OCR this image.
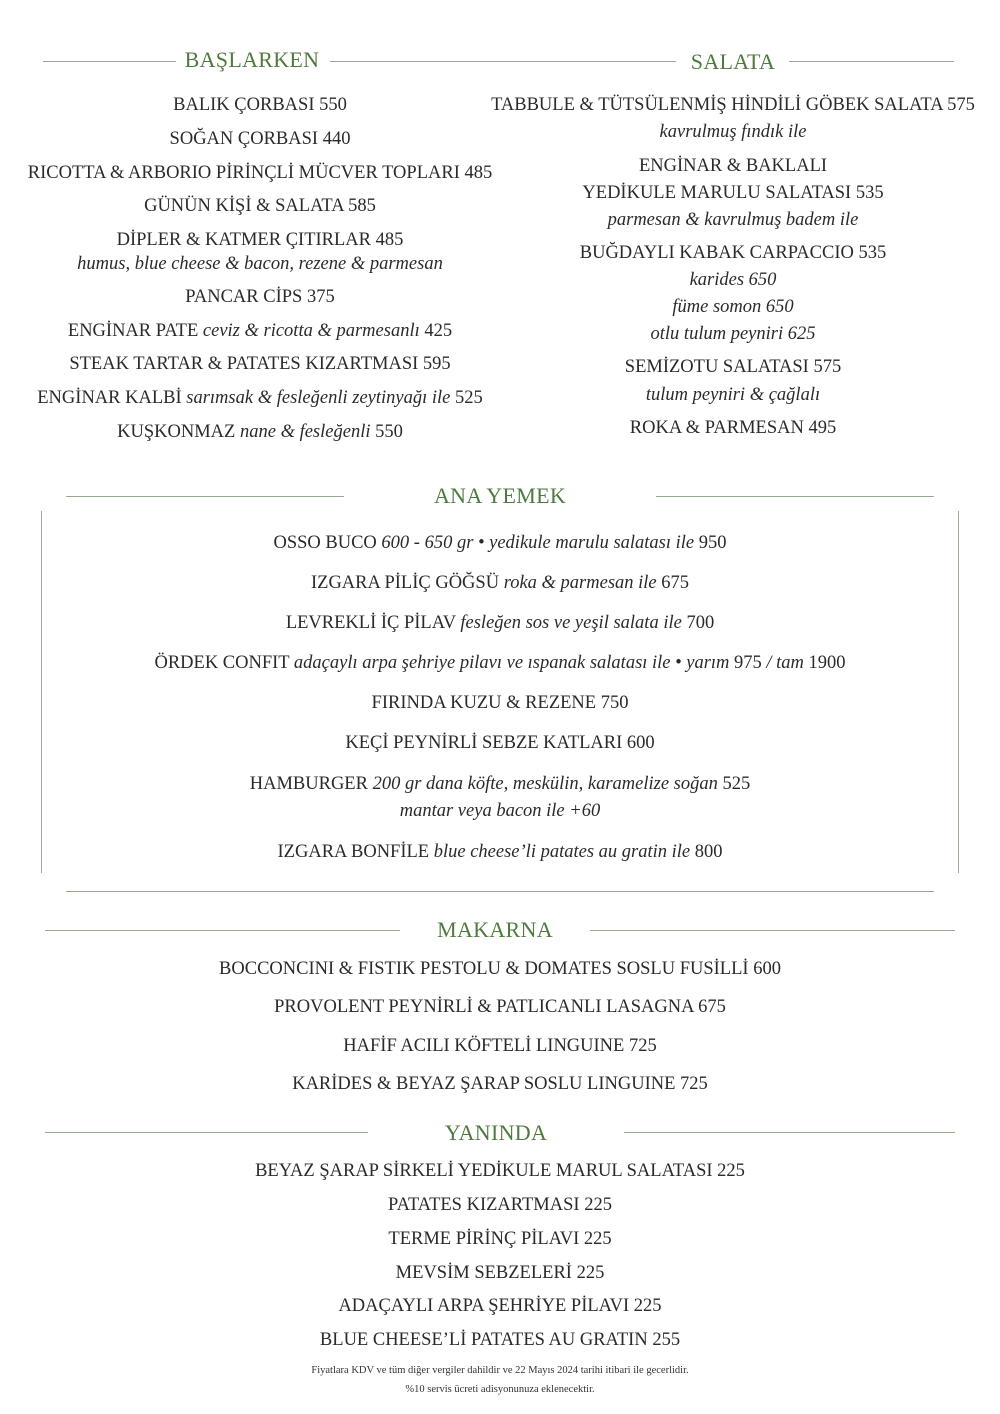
BAŞLARKEN
BALIK ÇORBASI 550
SOĞAN ÇORBASI 440
RICOTTA & ARBORIO PİRİNÇLİ MÜCVER TOPLARI 485
GÜNÜN KİŞİ & SALATA 585
DİPLER & KATMER ÇITIRLAR 485
humus, blue cheese & bacon, rezene & parmesan
PANCAR CİPS 375
ENGİNAR PATE ceviz & ricotta & parmesanlı 425
STEAK TARTAR & PATATES KIZARTMASI 595
ENGİNAR KALBİ sarımsak & fesleğenli zeytinyağı ile 525
KUŞKONMAZ nane & fesleğenli 550
SALATA
TABBULE & TÜTSÜLENMİŞ HİNDİLİ GÖBEK SALATA 575
kavrulmuş fındık ile
ENGİNAR & BAKLALI
YEDİKULE MARULU SALATASI 535
parmesan & kavrulmuş badem ile
BUĞDAYLI KABAK CARPACCIO 535
karides 650
füme somon 650
otlu tulum peyniri 625
SEMİZOTU SALATASI 575
tulum peyniri & çağlalı
ROKA & PARMESAN 495
ANA YEMEK
OSSO BUCO 600 - 650 gr • yedikule marulu salatası ile 950
IZGARA PİLİÇ GÖĞSÜ roka & parmesan ile 675
LEVREKLİ İÇ PİLAV fesleğen sos ve yeşil salata ile 700
ÖRDEK CONFIT adaçaylı arpa şehriye pilavı ve ıspanak salatası ile • yarım 975 / tam 1900
FIRINDA KUZU & REZENE 750
KEÇİ PEYNİRLİ SEBZE KATLARI 600
HAMBURGER 200 gr dana köfte, meskülin, karamelize soğan 525
mantar veya bacon ile +60
IZGARA BONFİLE blue cheese’li patates au gratin ile 800
MAKARNA
BOCCONCINI & FISTIK PESTOLU & DOMATES SOSLU FUSİLLİ 600
PROVOLENT PEYNİRLİ & PATLICANLI LASAGNA 675
HAFİF ACILI KÖFTELİ LINGUINE 725
KARİDES & BEYAZ ŞARAP SOSLU LINGUINE 725
YANINDA
BEYAZ ŞARAP SİRKELİ YEDİKULE MARUL SALATASI 225
PATATES KIZARTMASI 225
TERME PİRİNÇ PİLAVI 225
MEVSİM SEBZELERİ 225
ADAÇAYLI ARPA ŞEHRİYE PİLAVI 225
BLUE CHEESE’Lİ PATATES AU GRATIN 255
Fiyatlara KDV ve tüm diğer vergiler dahildir ve 22 Mayıs 2024 tarihi itibari ile gecerlidir.
%10 servis ücreti adisyonunuza eklenecektir.
